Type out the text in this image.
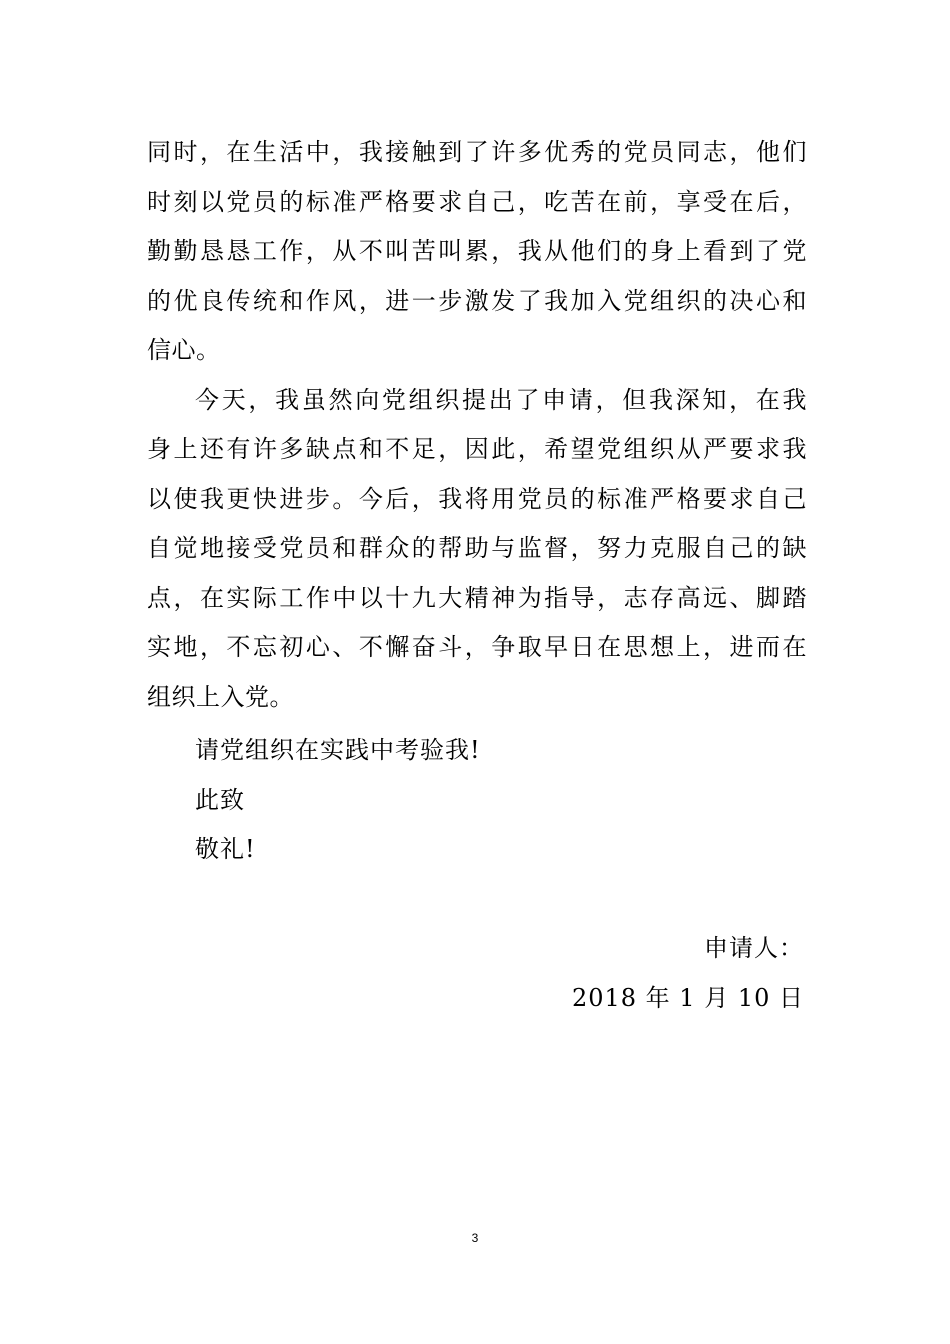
同时，在生活中，我接触到了许多优秀的党员同志，他们
时刻以党员的标准严格要求自己，吃苦在前，享受在后，
勤勤恳恳工作，从不叫苦叫累，我从他们的身上看到了党
的优良传统和作风，进一步激发了我加入党组织的决心和
信心。
今天，我虽然向党组织提出了申请，但我深知，在我
身上还有许多缺点和不足，因此，希望党组织从严要求我
以使我更快进步。今后，我将用党员的标准严格要求自己
自觉地接受党员和群众的帮助与监督，努力克服自己的缺
点，在实际工作中以十九大精神为指导，志存高远、脚踏
实地，不忘初心、不懈奋斗，争取早日在思想上，进而在
组织上入党。
请党组织在实践中考验我!
此致
敬礼!
申请人：
2018 年 1 月 10 日
3
